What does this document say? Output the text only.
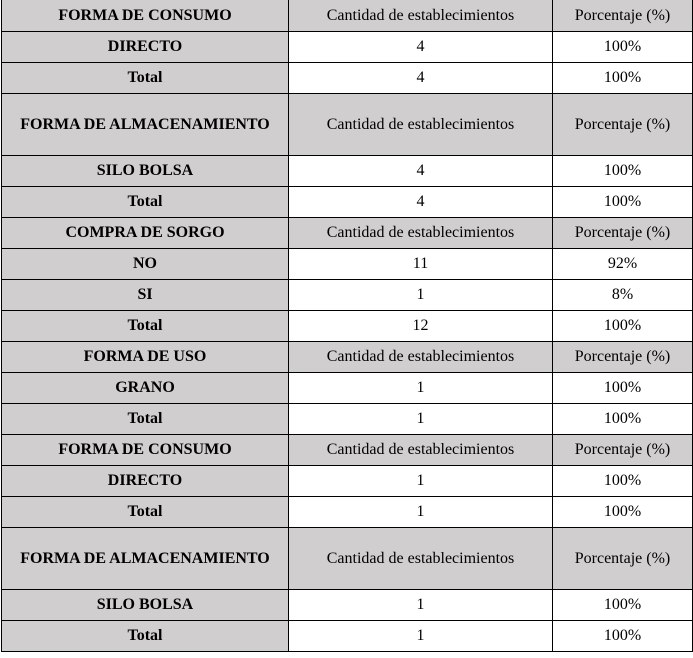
FORMA DE CONSUMO	Cantidad de establecimientos	Porcentaje (%)
DIRECTO	4	100%
Total	4	100%
FORMA DE ALMACENAMIENTO	Cantidad de establecimientos	Porcentaje (%)
SILO BOLSA	4	100%
Total	4	100%
COMPRA DE SORGO	Cantidad de establecimientos	Porcentaje (%)
NO	11	92%
SI	1	8%
Total	12	100%
FORMA DE USO	Cantidad de establecimientos	Porcentaje (%)
GRANO	1	100%
Total	1	100%
FORMA DE CONSUMO	Cantidad de establecimientos	Porcentaje (%)
DIRECTO	1	100%
Total	1	100%
FORMA DE ALMACENAMIENTO	Cantidad de establecimientos	Porcentaje (%)
SILO BOLSA	1	100%
Total	1	100%
